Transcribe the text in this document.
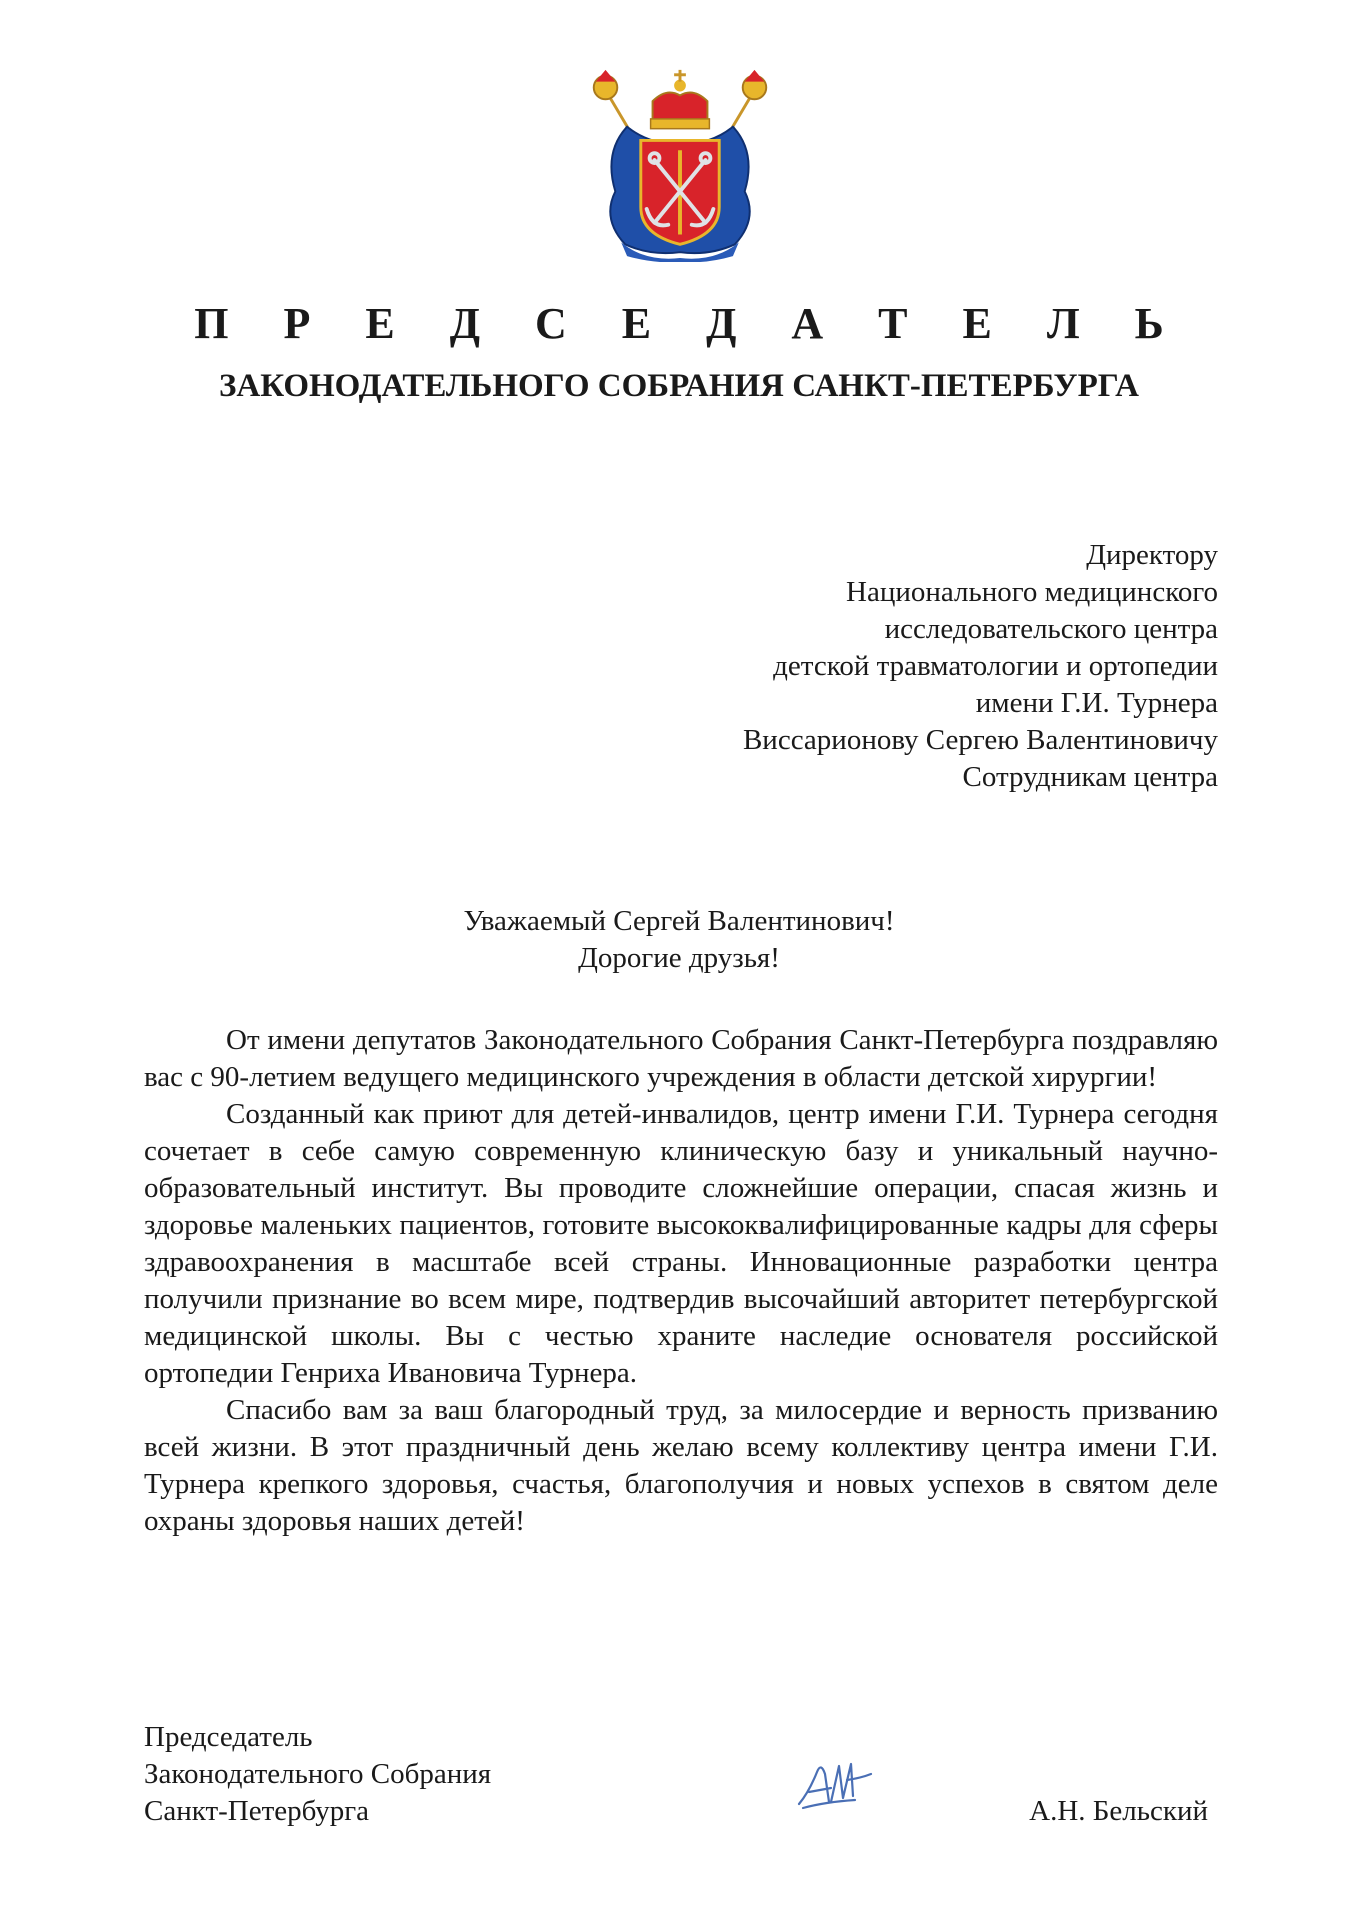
П Р Е Д С Е Д А Т Е Л Ь
ЗАКОНОДАТЕЛЬНОГО СОБРАНИЯ САНКТ-ПЕТЕРБУРГА
Директору
Национального медицинского
исследовательского центра
детской травматологии и ортопедии
имени Г.И. Турнера
Виссарионову Сергею Валентиновичу
Сотрудникам центра
Уважаемый Сергей Валентинович!
Дорогие друзья!

От имени депутатов Законодательного Собрания Санкт-Петербурга поздравляю вас с 90-летием ведущего медицинского учреждения в области детской хирургии!

Созданный как приют для детей-инвалидов, центр имени Г.И. Турнера сегодня сочетает в себе самую современную клиническую базу и уникальный научно-образовательный институт. Вы проводите сложнейшие операции, спасая жизнь и здоровье маленьких пациентов, готовите высококвалифицированные кадры для сферы здравоохранения в масштабе всей страны. Инновационные разработки центра получили признание во всем мире, подтвердив высочайший авторитет петербургской медицинской школы. Вы с честью храните наследие основателя российской ортопедии Генриха Ивановича Турнера.

Спасибо вам за ваш благородный труд, за милосердие и верность призванию всей жизни. В этот праздничный день желаю всему коллективу центра имени Г.И. Турнера крепкого здоровья, счастья, благополучия и новых успехов в святом деле охраны здоровья наших детей!

Председатель
Законодательного Собрания
Санкт-Петербурга	А.Н. Бельский
